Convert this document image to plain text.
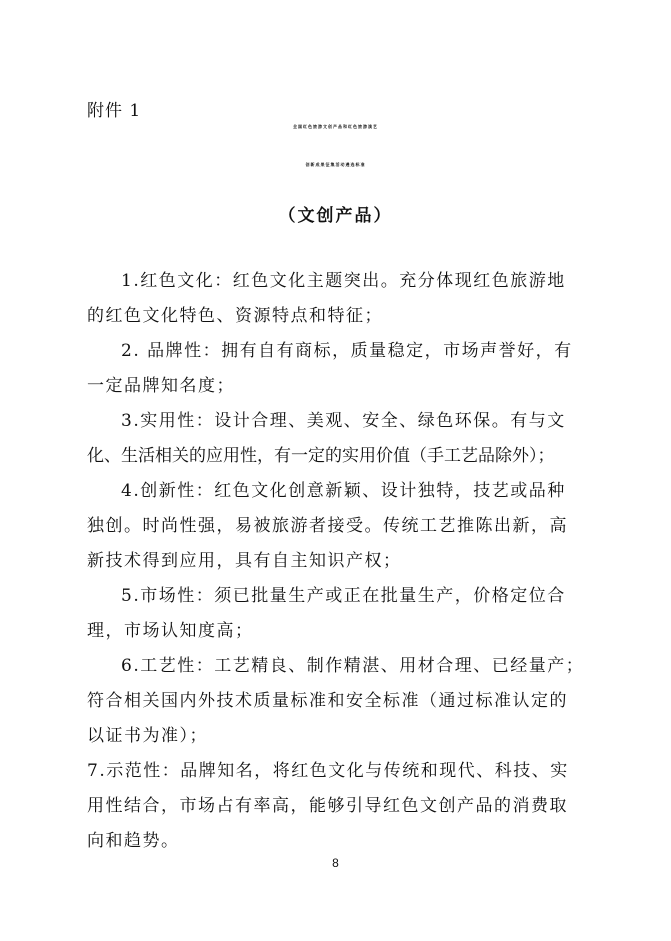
附件 1
全国红色旅游文创产品和红色旅游演艺
创新成果征集活动遴选标准
（文创产品）
1.红色文化：红色文化主题突出。充分体现红色旅游地
的红色文化特色、资源特点和特征；
2. 品牌性：拥有自有商标，质量稳定，市场声誉好，有
一定品牌知名度；
3.实用性：设计合理、美观、安全、绿色环保。有与文
化、生活相关的应用性，有一定的实用价值（手工艺品除外）；
4.创新性：红色文化创意新颖、设计独特，技艺或品种
独创。时尚性强，易被旅游者接受。传统工艺推陈出新，高
新技术得到应用，具有自主知识产权；
5.市场性：须已批量生产或正在批量生产，价格定位合
理，市场认知度高；
6.工艺性：工艺精良、制作精湛、用材合理、已经量产；
符合相关国内外技术质量标准和安全标准（通过标准认定的
以证书为准）；
7.示范性：品牌知名，将红色文化与传统和现代、科技、实
用性结合，市场占有率高，能够引导红色文创产品的消费取
向和趋势。
8
